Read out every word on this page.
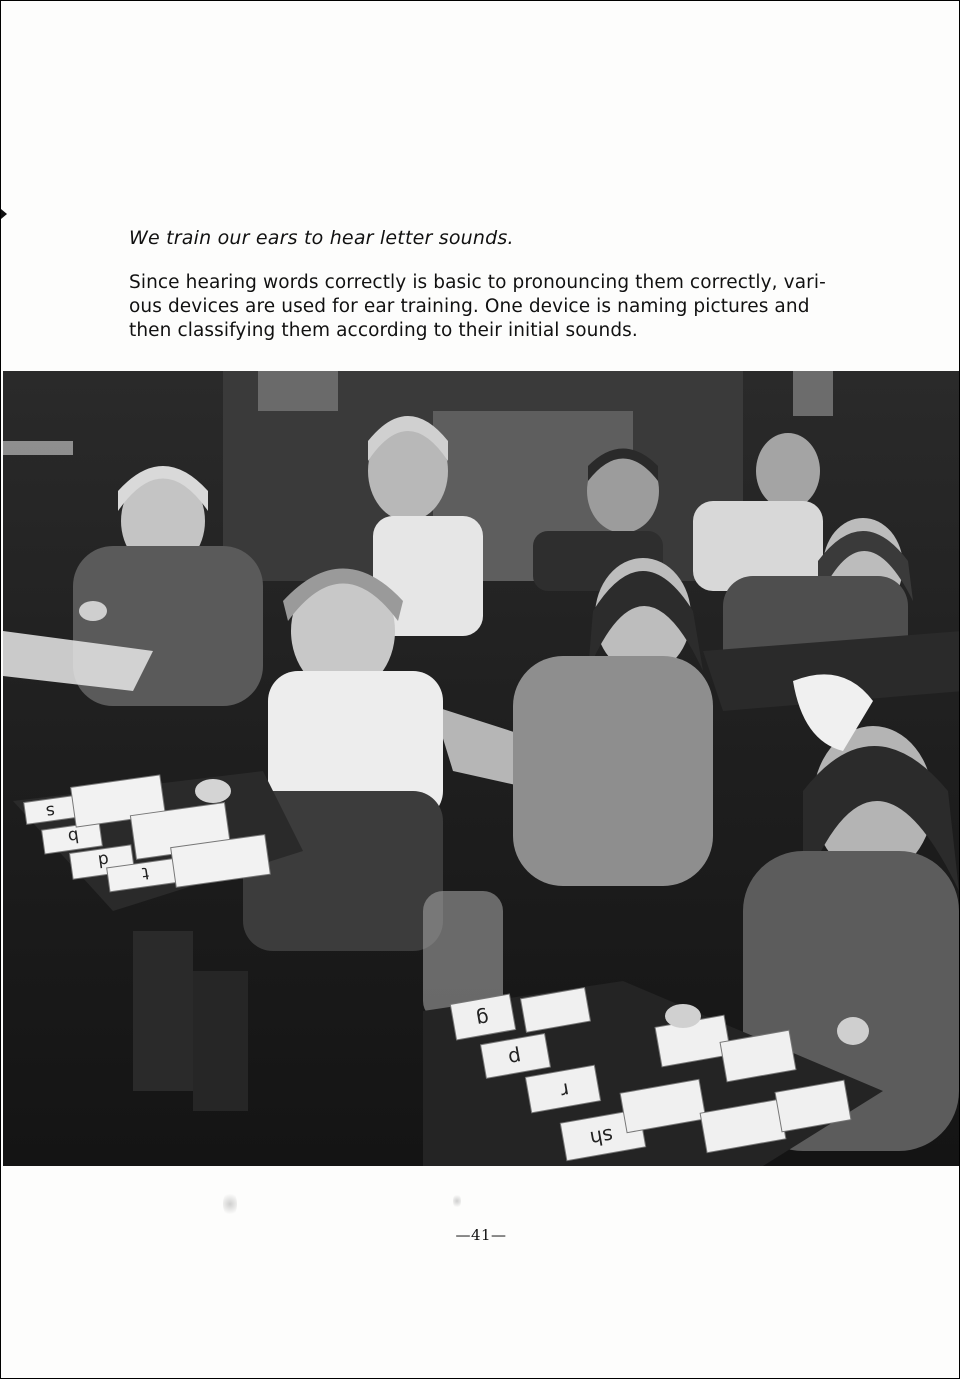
We train our ears to hear letter sounds.

Since hearing words correctly is basic to pronouncing them correctly, vari-
ous devices are used for ear training. One device is naming pictures and
then classifying them according to their initial sounds.

s
b
d
t
g
p
r
sh
—41—
